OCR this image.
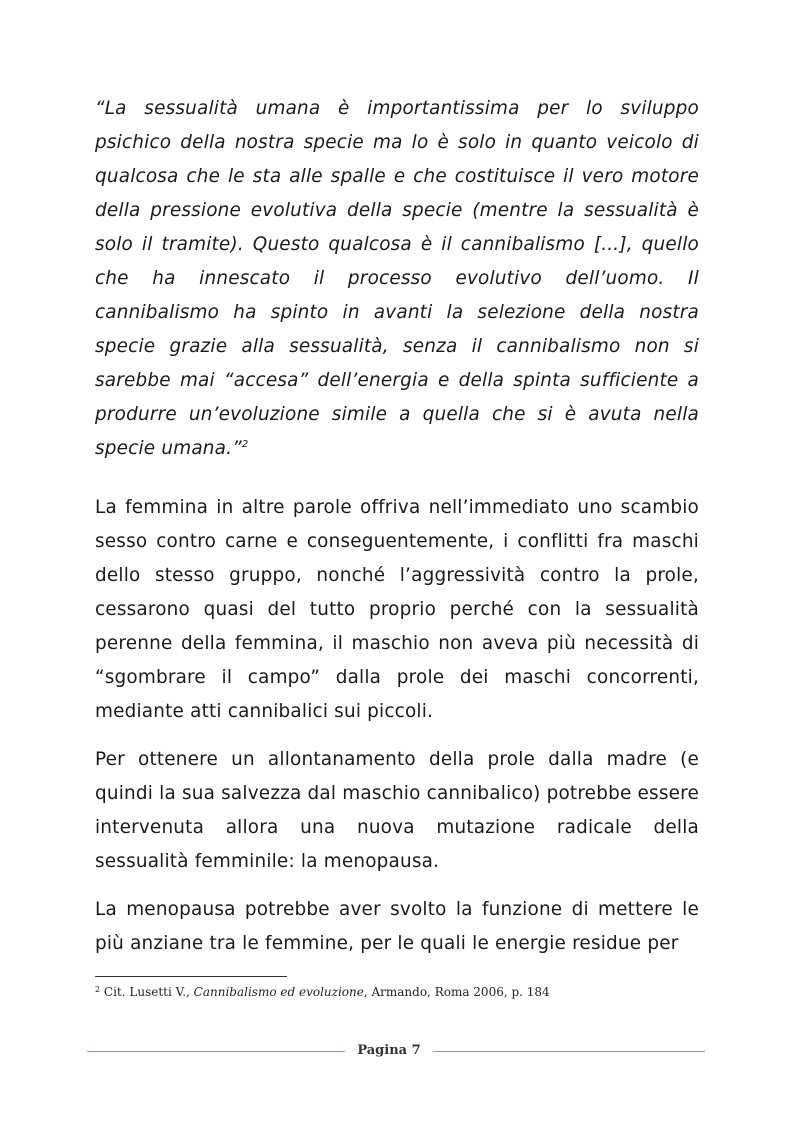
“La sessualità umana è importantissima per lo sviluppo psichico della nostra specie ma lo è solo in quanto veicolo di qualcosa che le sta alle spalle e che costituisce il vero motore della pressione evolutiva della specie (mentre la sessualità è solo il tramite). Questo qualcosa è il cannibalismo [...], quello che ha innescato il processo evolutivo dell’uomo. Il cannibalismo ha spinto in avanti la selezione della nostra specie grazie alla sessualità, senza il cannibalismo non si sarebbe mai “accesa” dell’energia e della spinta sufficiente a produrre un’evoluzione simile a quella che si è avuta nella specie umana.”$^2$

La femmina in altre parole offriva nell’immediato uno scambio sesso contro carne e conseguentemente, i conflitti fra maschi dello stesso gruppo, nonché l’aggressività contro la prole, cessarono quasi del tutto proprio perché con la sessualità perenne della femmina, il maschio non aveva più necessità di “sgombrare il campo” dalla prole dei maschi concorrenti, mediante atti cannibalici sui piccoli.

Per ottenere un allontanamento della prole dalla madre (e quindi la sua salvezza dal maschio cannibalico) potrebbe essere intervenuta allora una nuova mutazione radicale della sessualità femminile: la menopausa.

La menopausa potrebbe aver svolto la funzione di mettere le più anziane tra le femmine, per le quali le energie residue per

$^2$ Cit. Lusetti V., Cannibalismo ed evoluzione, Armando, Roma 2006, p. 184

Pagina 7
